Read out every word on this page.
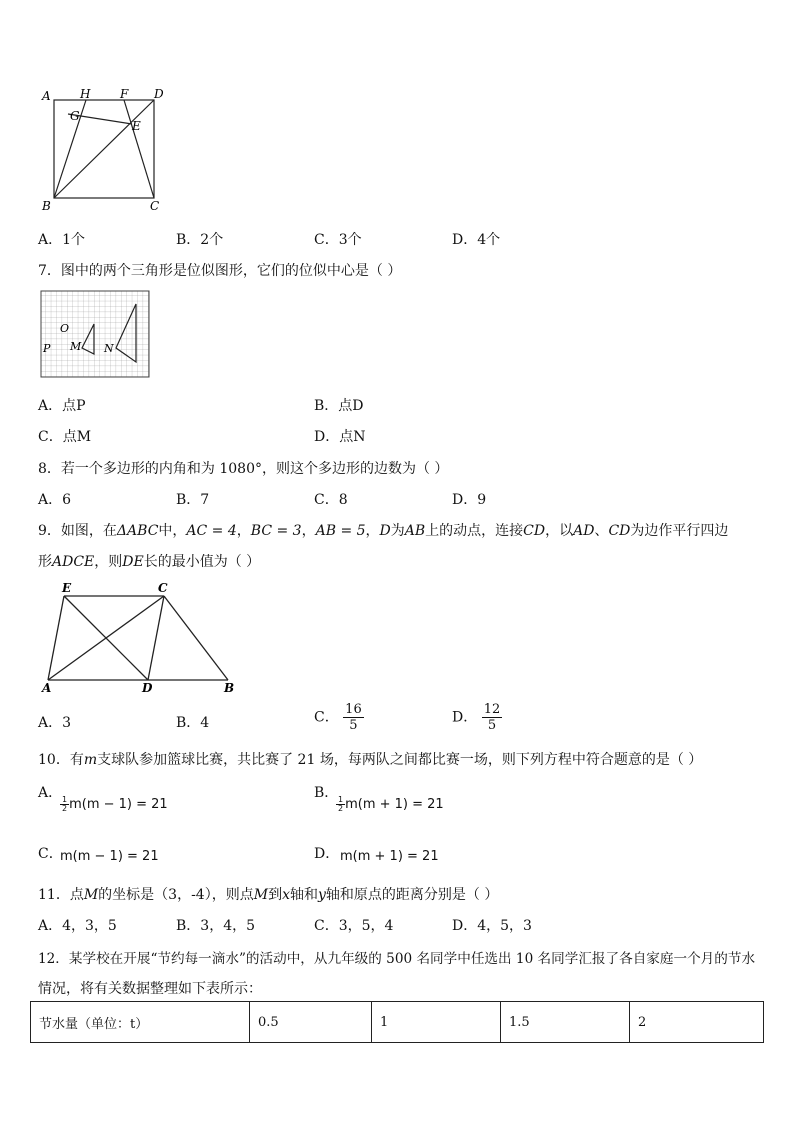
A H F D
G
E
B	C
A．1个	B．2个	C．3个	D．4个
7．图中的两个三角形是位似图形，它们的位似中心是（ ）
O
P M N
A．点P	B．点D
C．点M	D．点N
8．若一个多边形的内角和为 1080°，则这个多边形的边数为（ ）
A．6	B．7	C．8	D．9
9．如图，在ΔABC中，AC = 4，BC = 3，AB = 5，D为AB上的动点，连接CD，以AD、CD为边作平行四边
形ADCE，则DE长的最小值为（ ）
E	C
A	D	B
A．3	B．4	C． $\frac{16}{5}$	D． $\frac{12}{5}$
10．有m支球队参加篮球比赛，共比赛了 21 场，每两队之间都比赛一场，则下列方程中符合题意的是（ ）
A．
$\frac{1}{2} m(m - 1) = 21$
B．
$\frac{1}{2} m(m + 1) = 21$
C．
m(m − 1) = 21	D． m(m + 1) = 21
11．点M的坐标是（3，-4），则点M到x轴和y轴和原点的距离分别是（ ）
A．4，3，5	B．3，4，5	C．3，5，4	D．4，5，3
12．某学校在开展“节约每一滴水”的活动中，从九年级的 500 名同学中任选出 10 名同学汇报了各自家庭一个月的节水
情况，将有关数据整理如下表所示：
节水量（单位：t）	0.5	1	1.5	2
